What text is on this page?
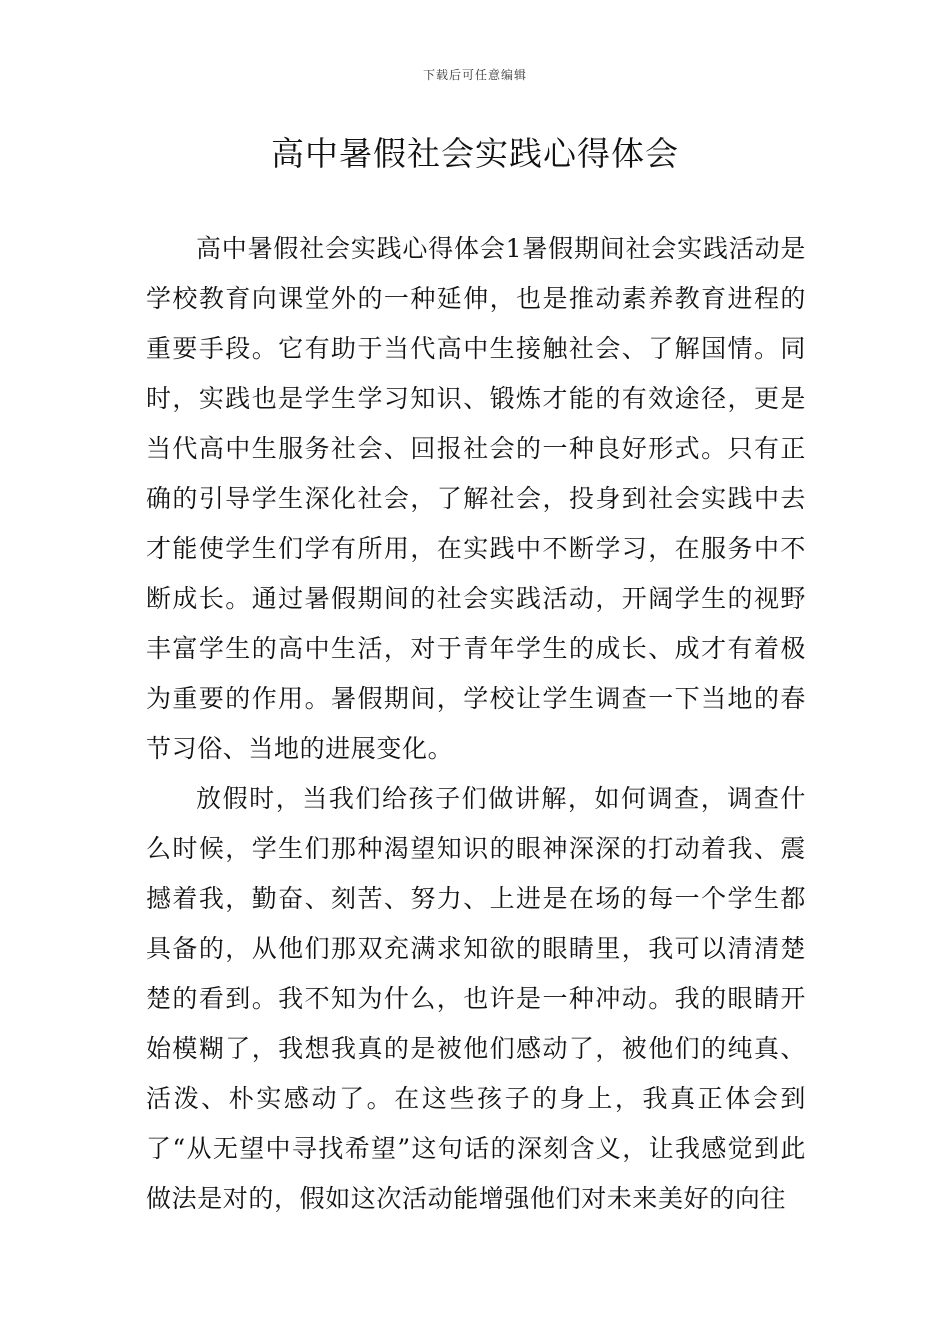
下载后可任意编辑
高中暑假社会实践心得体会

高中暑假社会实践心得体会1暑假期间社会实践活动是学校教育向课堂外的一种延伸，也是推动素养教育进程的重要手段。它有助于当代高中生接触社会、了解国情。同时，实践也是学生学习知识、锻炼才能的有效途径，更是当代高中生服务社会、回报社会的一种良好形式。只有正确的引导学生深化社会，了解社会，投身到社会实践中去才能使学生们学有所用，在实践中不断学习，在服务中不断成长。通过暑假期间的社会实践活动，开阔学生的视野丰富学生的高中生活，对于青年学生的成长、成才有着极为重要的作用。暑假期间，学校让学生调查一下当地的春节习俗、当地的进展变化。

放假时，当我们给孩子们做讲解，如何调查，调查什么时候，学生们那种渴望知识的眼神深深的打动着我、震撼着我，勤奋、刻苦、努力、上进是在场的每一个学生都具备的，从他们那双充满求知欲的眼睛里，我可以清清楚楚的看到。我不知为什么，也许是一种冲动。我的眼睛开始模糊了，我想我真的是被他们感动了，被他们的纯真、活泼、朴实感动了。在这些孩子的身上，我真正体会到了“从无望中寻找希望”这句话的深刻含义，让我感觉到此做法是对的，假如这次活动能增强他们对未来美好的向往
